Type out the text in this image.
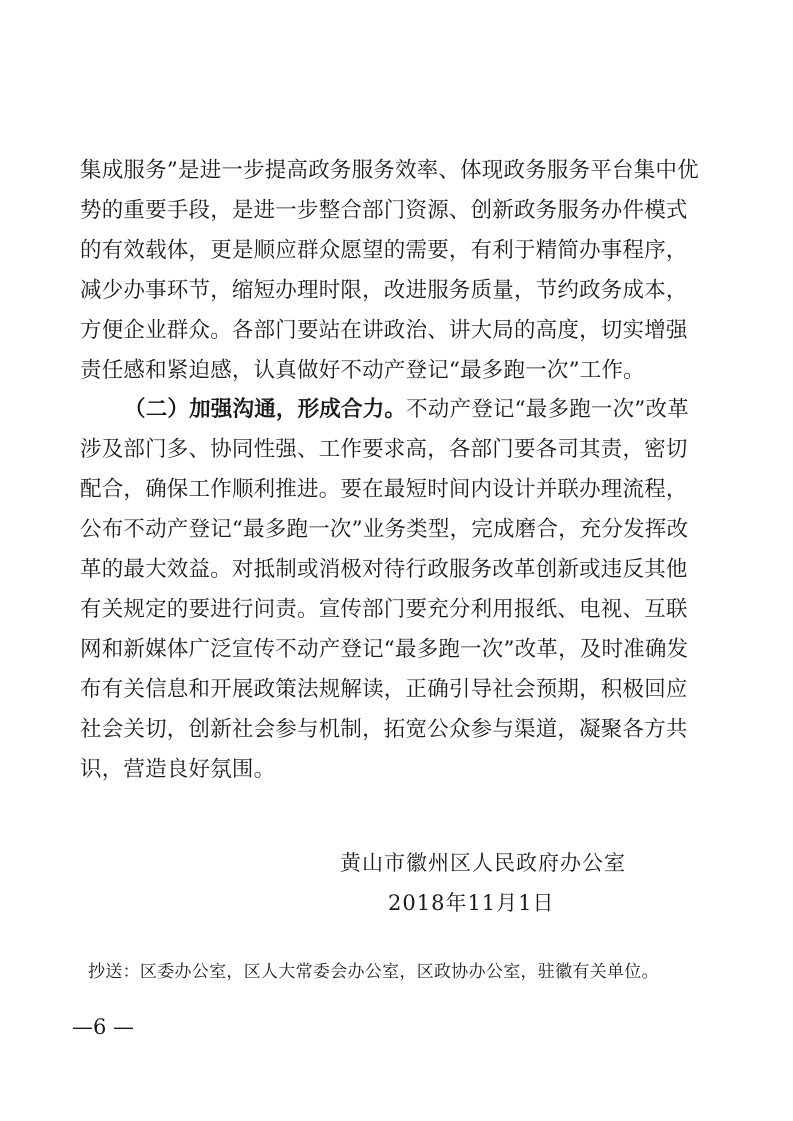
集成服务”是进一步提高政务服务效率、体现政务服务平台集中优
势的重要手段，是进一步整合部门资源、创新政务服务办件模式
的有效载体，更是顺应群众愿望的需要，有利于精简办事程序，
减少办事环节，缩短办理时限，改进服务质量，节约政务成本，
方便企业群众。各部门要站在讲政治、讲大局的高度，切实增强
责任感和紧迫感，认真做好不动产登记“最多跑一次”工作。
（二）加强沟通，形成合力。不动产登记“最多跑一次”改革
涉及部门多、协同性强、工作要求高，各部门要各司其责，密切
配合，确保工作顺利推进。要在最短时间内设计并联办理流程，
公布不动产登记“最多跑一次”业务类型，完成磨合，充分发挥改
革的最大效益。对抵制或消极对待行政服务改革创新或违反其他
有关规定的要进行问责。宣传部门要充分利用报纸、电视、互联
网和新媒体广泛宣传不动产登记“最多跑一次”改革，及时准确发
布有关信息和开展政策法规解读，正确引导社会预期，积极回应
社会关切，创新社会参与机制，拓宽公众参与渠道，凝聚各方共
识，营造良好氛围。
黄山市徽州区人民政府办公室
2018年11月1日
抄送：区委办公室，区人大常委会办公室，区政协办公室，驻徽有关单位。
—6 —
